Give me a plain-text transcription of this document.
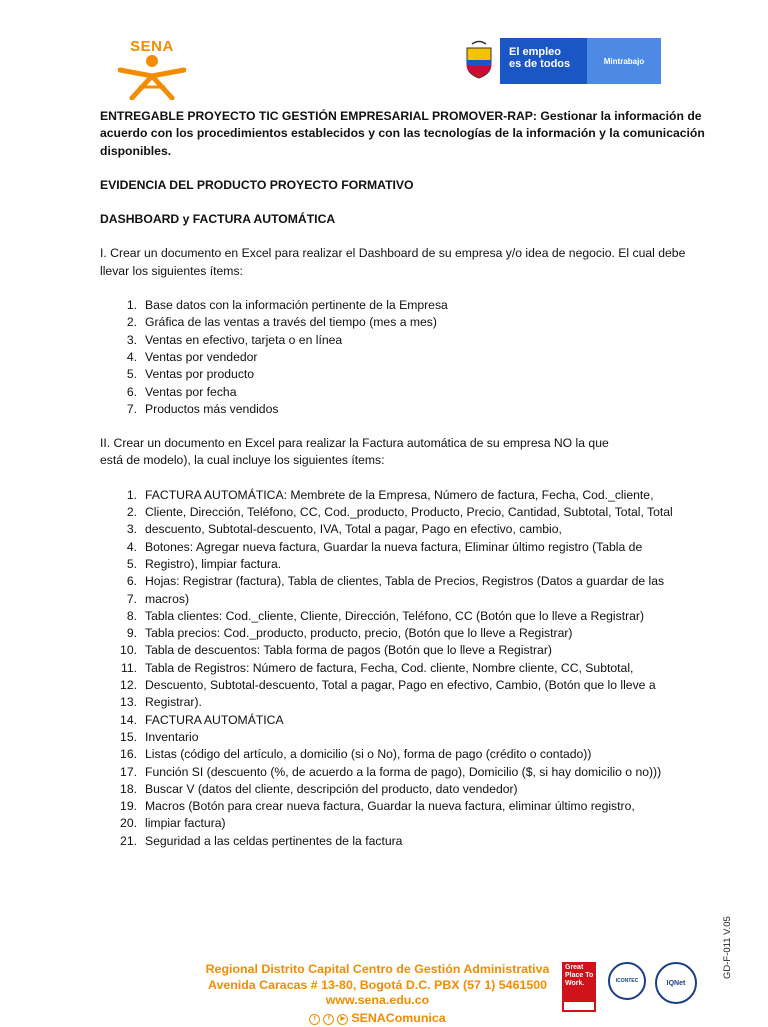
SENA	El empleo
es de todos	Mintrabajo

ENTREGABLE PROYECTO TIC GESTIÓN EMPRESARIAL PROMOVER-RAP: Gestionar la información de acuerdo con los procedimientos establecidos y con las tecnologías de la información y la comunicación disponibles.

EVIDENCIA DEL PRODUCTO PROYECTO FORMATIVO

DASHBOARD y FACTURA AUTOMÁTICA

I. Crear un documento en Excel para realizar el Dashboard de su empresa y/o idea de negocio. El cual debe llevar los siguientes ítems:

1. Base datos con la información pertinente de la Empresa
2. Gráfica de las ventas a través del tiempo (mes a mes)
3. Ventas en efectivo, tarjeta o en línea
4. Ventas por vendedor
5. Ventas por producto
6. Ventas por fecha
7. Productos más vendidos

II. Crear un documento en Excel para realizar la Factura automática de su empresa NO la que

está de modelo), la cual incluye los siguientes ítems:

1. FACTURA AUTOMÁTICA: Membrete de la Empresa, Número de factura, Fecha, Cod._cliente,
2. Cliente, Dirección, Teléfono, CC, Cod._producto, Producto, Precio, Cantidad, Subtotal, Total, Total
3. descuento, Subtotal-descuento, IVA, Total a pagar, Pago en efectivo, cambio,
4. Botones: Agregar nueva factura, Guardar la nueva factura, Eliminar último registro (Tabla de
5. Registro), limpiar factura.
6. Hojas: Registrar (factura), Tabla de clientes, Tabla de Precios, Registros (Datos a guardar de las
7. macros)
8. Tabla clientes: Cod._cliente, Cliente, Dirección, Teléfono, CC (Botón que lo lleve a Registrar)
9. Tabla precios: Cod._producto, producto, precio, (Botón que lo lleve a Registrar)
10. Tabla de descuentos: Tabla forma de pagos (Botón que lo lleve a Registrar)
11. Tabla de Registros: Número de factura, Fecha, Cod. cliente, Nombre cliente, CC, Subtotal,
12. Descuento, Subtotal-descuento, Total a pagar, Pago en efectivo, Cambio, (Botón que lo lleve a
13. Registrar).
14. FACTURA AUTOMÁTICA
15. Inventario
16. Listas (código del artículo, a domicilio (si o No), forma de pago (crédito o contado))
17. Función SI (descuento (%, de acuerdo a la forma de pago), Domicilio ($, si hay domicilio o no)))
18. Buscar V (datos del cliente, descripción del producto, dato vendedor)
19. Macros (Botón para crear nueva factura, Guardar la nueva factura, eliminar último registro,
20. limpiar factura)
21. Seguridad a las celdas pertinentes de la factura
Regional Distrito Capital Centro de Gestión Administrativa
Avenida Caracas # 13-80, Bogotá D.C. PBX (57 1) 5461500
www.sena.edu.co
t	f	▶ SENAComunica
Great Place To Work.	ICONTEC	IQNet
GD-F-011 V.05
